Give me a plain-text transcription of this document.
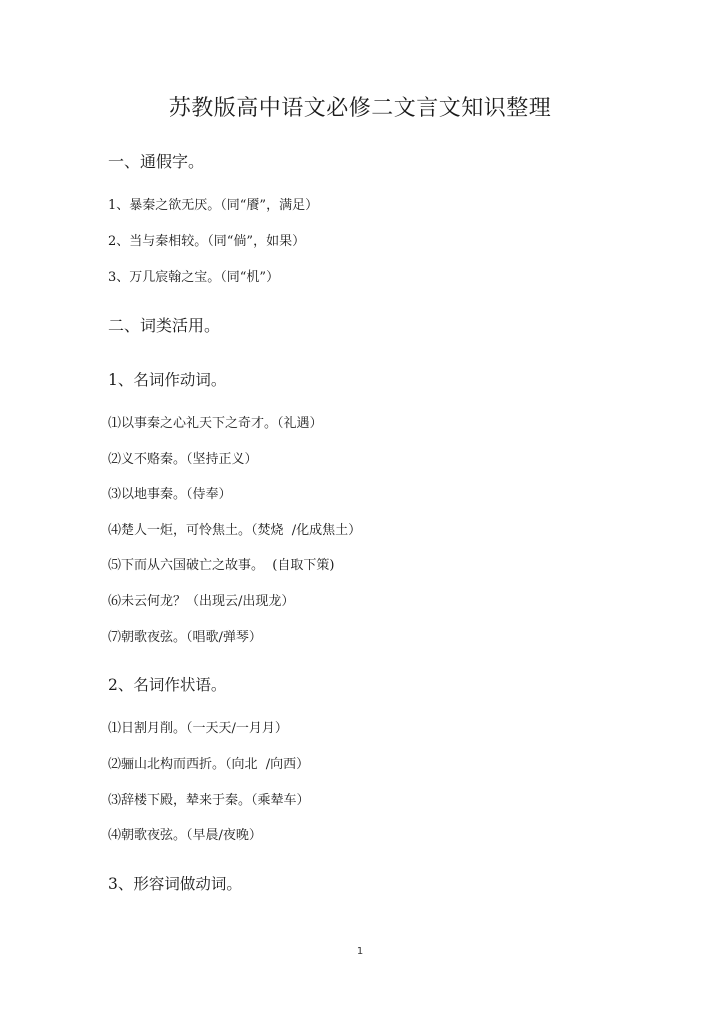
苏教版高中语文必修二文言文知识整理
一、通假字。
1、暴秦之欲无厌。（同“餍”，满足）
2、当与秦相较。（同“倘”，如果）
3、万几宸翰之宝。（同“机”）
二、词类活用。
1、名词作动词。
⑴以事秦之心礼天下之奇才。（礼遇）
⑵义不赂秦。（坚持正义）
⑶以地事秦。（侍奉）
⑷楚人一炬，可怜焦土。（焚烧  /化成焦土）
⑸下而从六国破亡之故事。  (自取下策)
⑹未云何龙？（出现云/出现龙）
⑺朝歌夜弦。（唱歌/弹琴）
2、名词作状语。
⑴日割月削。（一天天/一月月）
⑵骊山北构而西折。（向北  /向西）
⑶辞楼下殿，辇来于秦。（乘辇车）
⑷朝歌夜弦。（早晨/夜晚）
3、形容词做动词。
1
